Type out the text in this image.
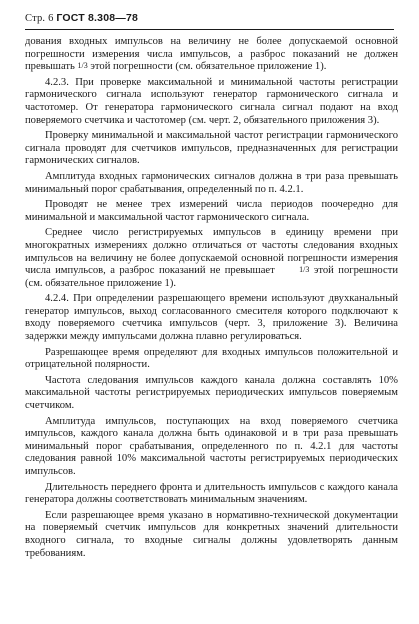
Стр. 6 ГОСТ 8.308—78

дования входных импульсов на величину не более допускаемой основной погрешности измерения числа импульсов, а разброс показаний не должен превышать 1/3 этой погрешности (см. обязательное приложение 1).

4.2.3. При проверке максимальной и минимальной частоты регистрации гармонического сигнала используют генератор гармонического сигнала и частотомер. От генератора гармонического сигнала сигнал подают на вход поверяемого счетчика и частотомер (см. черт. 2, обязательного приложения 3).

Проверку минимальной и максимальной частот регистрации гармонического сигнала проводят для счетчиков импульсов, предназначенных для регистрации гармонических сигналов.

Амплитуда входных гармонических сигналов должна в три раза превышать минимальный порог срабатывания, определенный по п. 4.2.1.

Проводят не менее трех измерений числа периодов поочередно для минимальной и максимальной частот гармонического сигнала.

Среднее число регистрируемых импульсов в единицу времени при многократных измерениях должно отличаться от частоты следования входных импульсов на величину не более допускаемой основной погрешности измерения числа импульсов, а разброс показаний не превышает	1/3 этой погрешности (см. обязательное приложение 1).

4.2.4. При определении разрешающего времени используют двухканальный генератор импульсов, выход согласованного смесителя которого подключают к входу поверяемого счетчика импульсов (черт. 3, приложение 3). Величина задержки между импульсами должна плавно регулироваться.

Разрешающее время определяют для входных импульсов положительной и отрицательной полярности.

Частота следования импульсов каждого канала должна составлять 10% максимальной частоты регистрируемых периодических импульсов поверяемым счетчиком.

Амплитуда импульсов, поступающих на вход поверяемого счетчика импульсов, каждого канала должна быть одинаковой и в три раза превышать минимальный порог срабатывания, определенного по п. 4.2.1 для частоты следования равной 10% максимальной частоты регистрируемых периодических импульсов.

Длительность переднего фронта и длительность импульсов с каждого канала генератора должны соответствовать минимальным значениям.

Если разрешающее время указано в нормативно-технической документации на поверяемый счетчик импульсов для конкретных значений длительности входного сигнала, то входные сигналы должны удовлетворять данным требованиям.
